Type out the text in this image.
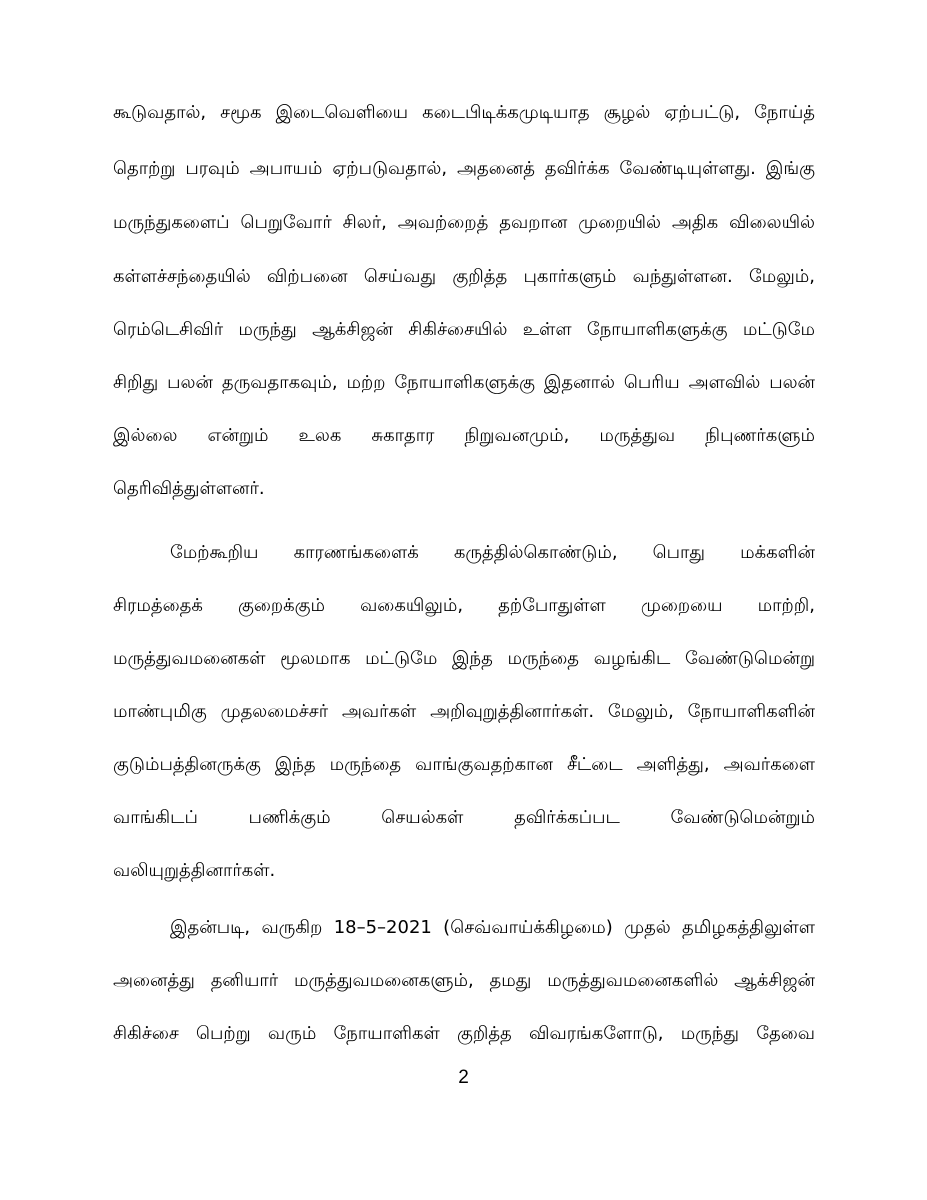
கூடுவதால், சமூக இடைவெளியை கடைபிடிக்கமுடியாத சூழல் ஏற்பட்டு, நோய்த்
தொற்று பரவும் அபாயம் ஏற்படுவதால், அதனைத் தவிர்க்க வேண்டியுள்ளது. இங்கு
மருந்துகளைப் பெறுவோர் சிலர், அவற்றைத் தவறான முறையில் அதிக விலையில்
கள்ளச்சந்தையில் விற்பனை செய்வது குறித்த புகார்களும் வந்துள்ளன. மேலும்,
ரெம்டெசிவிர் மருந்து ஆக்சிஜன் சிகிச்சையில் உள்ள நோயாளிகளுக்கு மட்டுமே
சிறிது பலன் தருவதாகவும், மற்ற நோயாளிகளுக்கு இதனால் பெரிய அளவில் பலன்
இல்லை என்றும் உலக சுகாதார நிறுவனமும், மருத்துவ நிபுணர்களும்
தெரிவித்துள்ளனர்.
மேற்கூறிய காரணங்களைக் கருத்தில்கொண்டும், பொது மக்களின்
சிரமத்தைக் குறைக்கும் வகையிலும், தற்போதுள்ள முறையை மாற்றி,
மருத்துவமனைகள் மூலமாக மட்டுமே இந்த மருந்தை வழங்கிட வேண்டுமென்று
மாண்புமிகு முதலமைச்சர் அவர்கள் அறிவுறுத்தினார்கள். மேலும், நோயாளிகளின்
குடும்பத்தினருக்கு இந்த மருந்தை வாங்குவதற்கான சீட்டை அளித்து, அவர்களை
வாங்கிடப் பணிக்கும் செயல்கள் தவிர்க்கப்பட வேண்டுமென்றும்
வலியுறுத்தினார்கள்.
இதன்படி, வருகிற 18–5–2021 (செவ்வாய்க்கிழமை) முதல் தமிழகத்திலுள்ள
அனைத்து தனியார் மருத்துவமனைகளும், தமது மருத்துவமனைகளில் ஆக்சிஜன்
சிகிச்சை பெற்று வரும் நோயாளிகள் குறித்த விவரங்களோடு, மருந்து தேவை
2
